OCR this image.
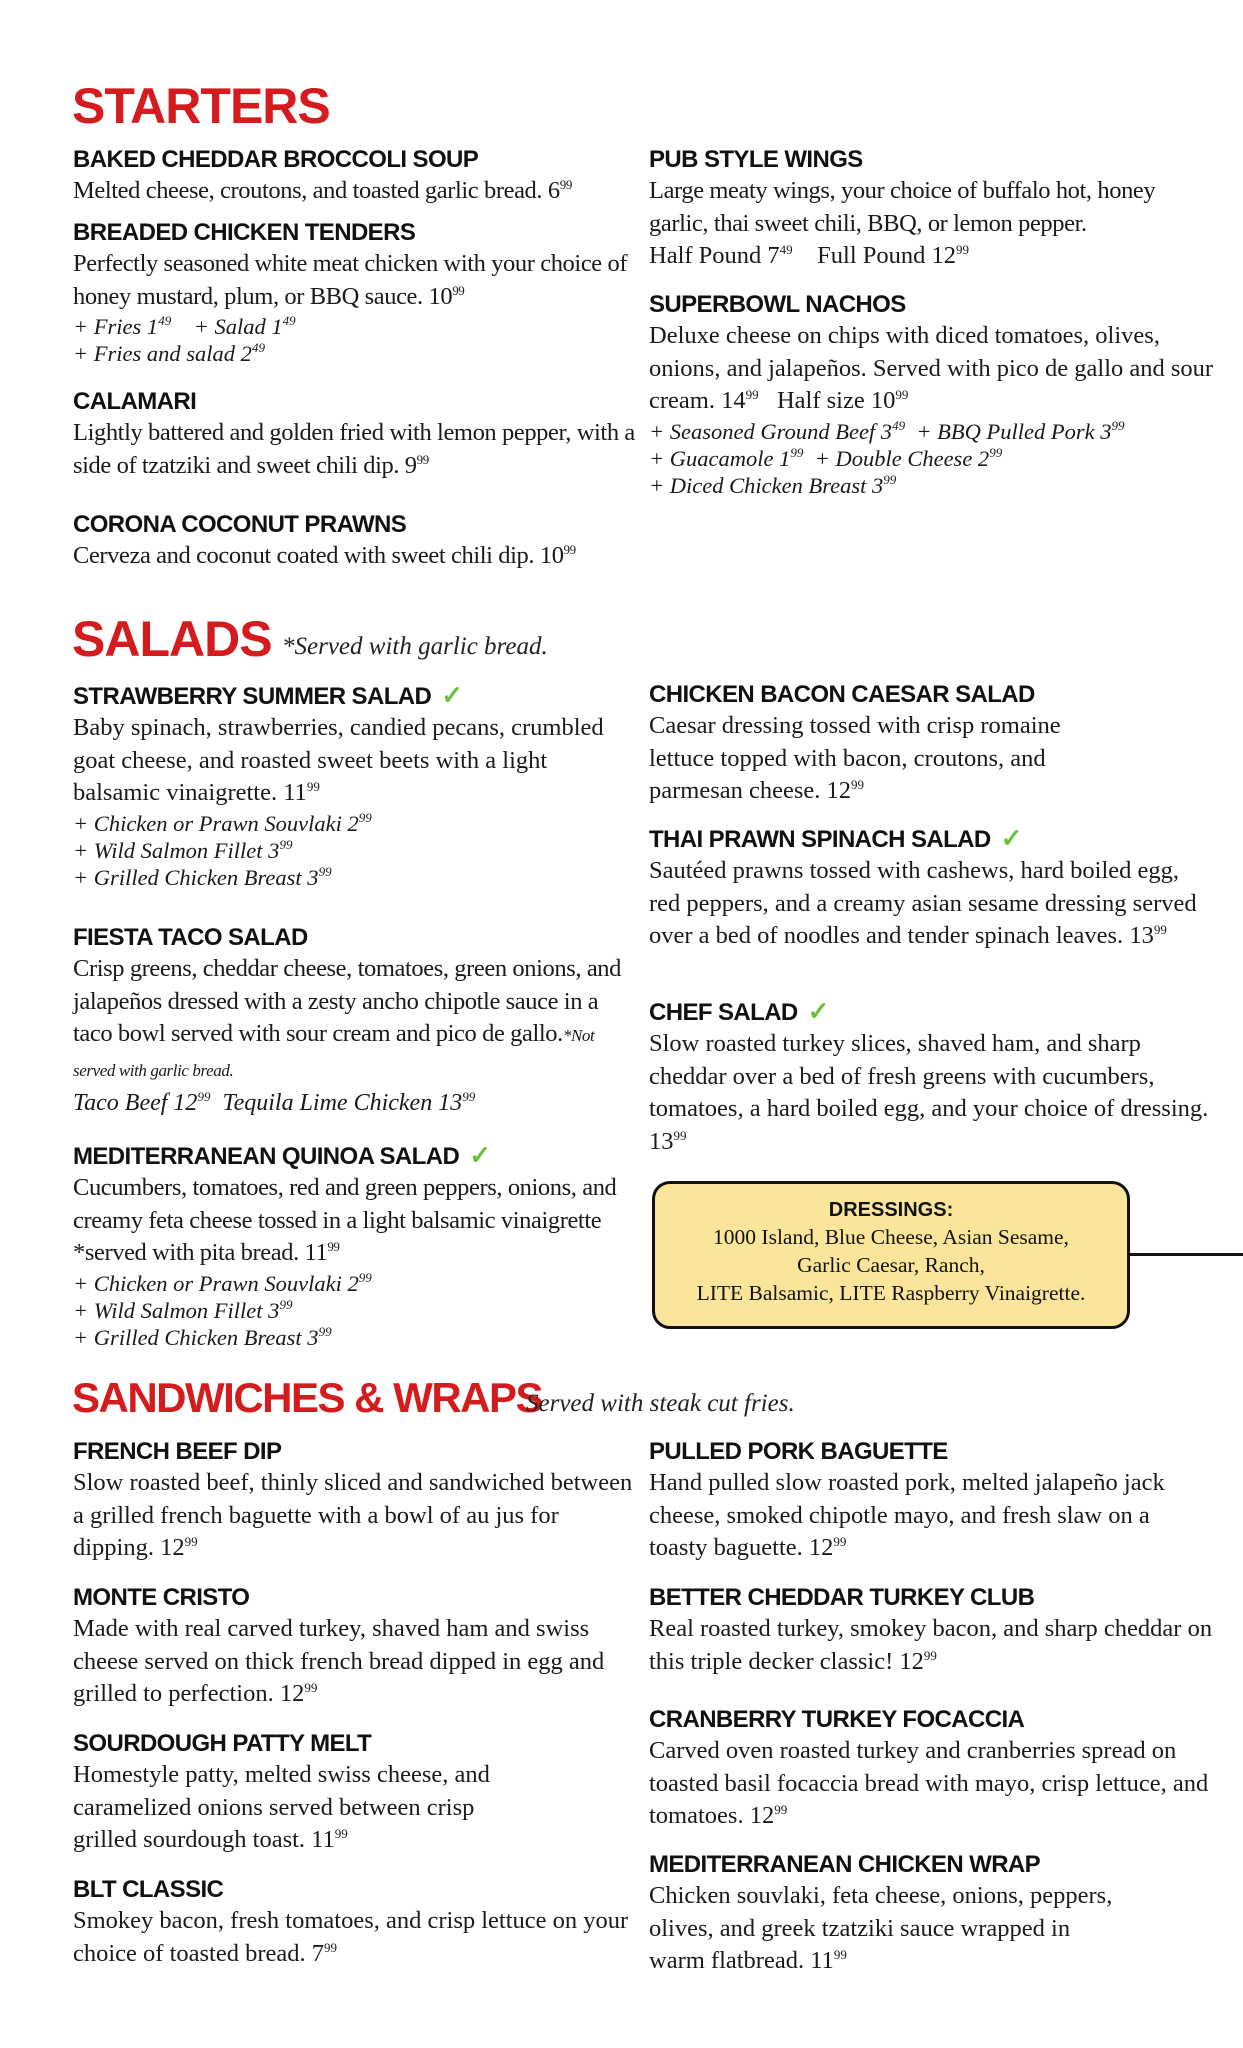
STARTERS
BAKED CHEDDAR BROCCOLI SOUP
Melted cheese, croutons, and toasted garlic bread. $6^{99}$
BREADED CHICKEN TENDERS
Perfectly seasoned white meat chicken with your choice of honey mustard, plum, or BBQ sauce. $10^{99}$
+ Fries $1^{49}$ + Salad $1^{49}$
+ Fries and salad $2^{49}$
CALAMARI
Lightly battered and golden fried with lemon pepper, with a side of tzatziki and sweet chili dip. $9^{99}$
CORONA COCONUT PRAWNS
Cerveza and coconut coated with sweet chili dip. $10^{99}$
PUB STYLE WINGS
Large meaty wings, your choice of buffalo hot, honey garlic, thai sweet chili, BBQ, or lemon pepper.
Half Pound $7^{49}$ Full Pound $12^{99}$
SUPERBOWL NACHOS
Deluxe cheese on chips with diced tomatoes, olives, onions, and jalapeños. Served with pico de gallo and sour cream. $14^{99}$ Half size $10^{99}$
+ Seasoned Ground Beef $3^{49}$ + BBQ Pulled Pork $3^{99}$
+ Guacamole $1^{99}$ + Double Cheese $2^{99}$
+ Diced Chicken Breast $3^{99}$
SALADS *Served with garlic bread.
STRAWBERRY SUMMER SALAD ✓
Baby spinach, strawberries, candied pecans, crumbled goat cheese, and roasted sweet beets with a light balsamic vinaigrette. $11^{99}$
+ Chicken or Prawn Souvlaki $2^{99}$
+ Wild Salmon Fillet $3^{99}$
+ Grilled Chicken Breast $3^{99}$
FIESTA TACO SALAD
Crisp greens, cheddar cheese, tomatoes, green onions, and jalapeños dressed with a zesty ancho chipotle sauce in a taco bowl served with sour cream and pico de gallo.*Not served with garlic bread.
Taco Beef $12^{99}$ Tequila Lime Chicken $13^{99}$
MEDITERRANEAN QUINOA SALAD ✓
Cucumbers, tomatoes, red and green peppers, onions, and creamy feta cheese tossed in a light balsamic vinaigrette *served with pita bread. $11^{99}$
+ Chicken or Prawn Souvlaki $2^{99}$
+ Wild Salmon Fillet $3^{99}$
+ Grilled Chicken Breast $3^{99}$
CHICKEN BACON CAESAR SALAD
Caesar dressing tossed with crisp romaine lettuce topped with bacon, croutons, and parmesan cheese. $12^{99}$
THAI PRAWN SPINACH SALAD ✓
Sautéed prawns tossed with cashews, hard boiled egg, red peppers, and a creamy asian sesame dressing served over a bed of noodles and tender spinach leaves. $13^{99}$
CHEF SALAD ✓
Slow roasted turkey slices, shaved ham, and sharp cheddar over a bed of fresh greens with cucumbers, tomatoes, a hard boiled egg, and your choice of dressing. $13^{99}$
DRESSINGS:
1000 Island, Blue Cheese, Asian Sesame,
Garlic Caesar, Ranch,
LITE Balsamic, LITE Raspberry Vinaigrette.
SANDWICHES & WRAPS
Served with steak cut fries.
FRENCH BEEF DIP
Slow roasted beef, thinly sliced and sandwiched between a grilled french baguette with a bowl of au jus for dipping. $12^{99}$
MONTE CRISTO
Made with real carved turkey, shaved ham and swiss cheese served on thick french bread dipped in egg and grilled to perfection. $12^{99}$
SOURDOUGH PATTY MELT
Homestyle patty, melted swiss cheese, and caramelized onions served between crisp grilled sourdough toast. $11^{99}$
BLT CLASSIC
Smokey bacon, fresh tomatoes, and crisp lettuce on your choice of toasted bread. $7^{99}$
PULLED PORK BAGUETTE
Hand pulled slow roasted pork, melted jalapeño jack cheese, smoked chipotle mayo, and fresh slaw on a toasty baguette. $12^{99}$
BETTER CHEDDAR TURKEY CLUB
Real roasted turkey, smokey bacon, and sharp cheddar on this triple decker classic! $12^{99}$
CRANBERRY TURKEY FOCACCIA
Carved oven roasted turkey and cranberries spread on toasted basil focaccia bread with mayo, crisp lettuce, and tomatoes. $12^{99}$
MEDITERRANEAN CHICKEN WRAP
Chicken souvlaki, feta cheese, onions, peppers, olives, and greek tzatziki sauce wrapped in warm flatbread. $11^{99}$
